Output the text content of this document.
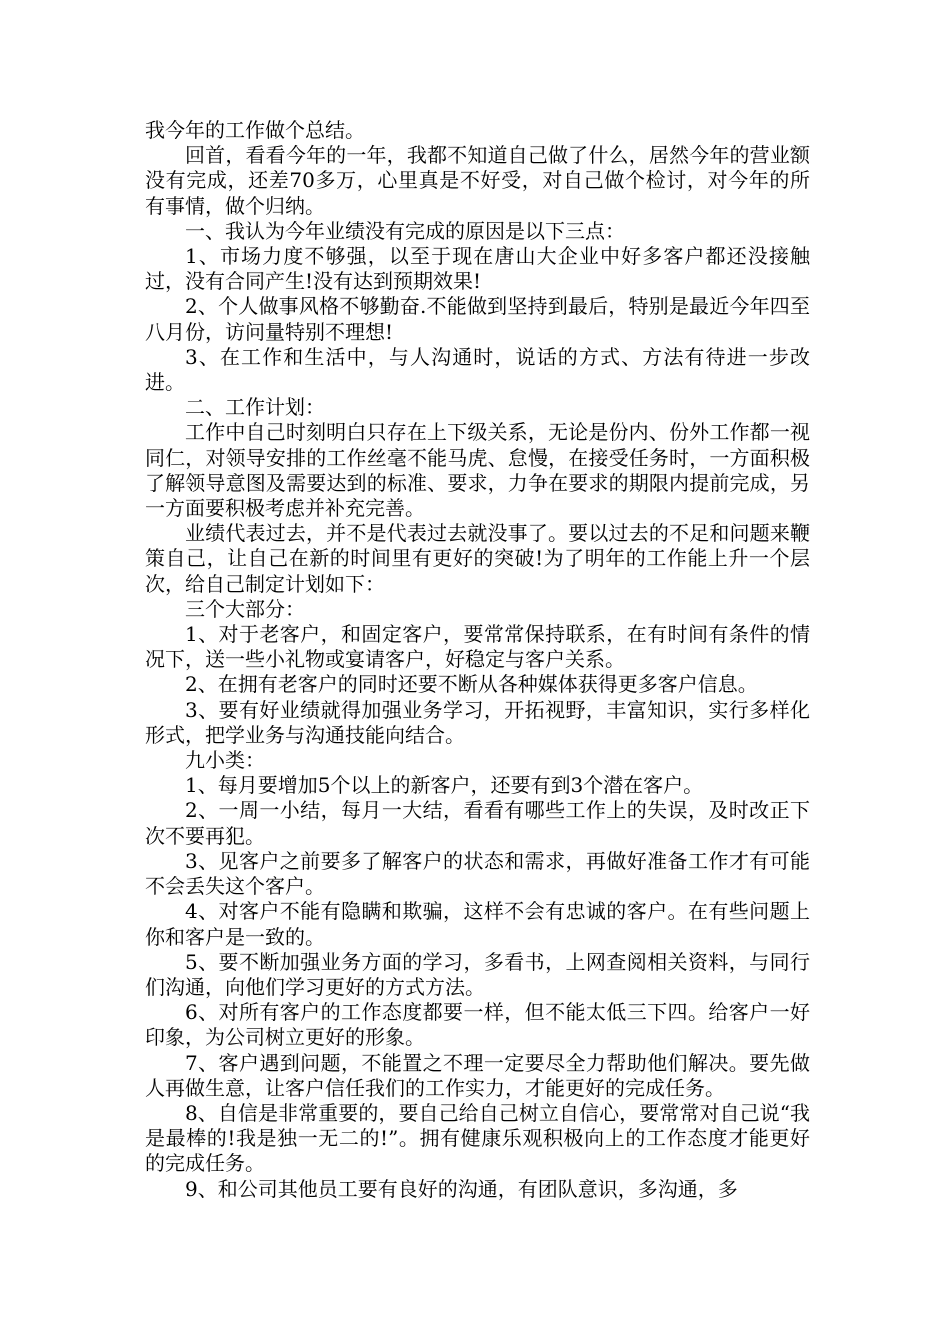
我今年的工作做个总结。

回首，看看今年的一年，我都不知道自己做了什么，居然今年的营业额没有完成，还差70多万，心里真是不好受，对自己做个检讨，对今年的所有事情，做个归纳。

一、我认为今年业绩没有完成的原因是以下三点：

1、市场力度不够强，以至于现在唐山大企业中好多客户都还没接触过，没有合同产生!没有达到预期效果!

2、个人做事风格不够勤奋.不能做到坚持到最后，特别是最近今年四至八月份，访问量特别不理想!

3、在工作和生活中，与人沟通时，说话的方式、方法有待进一步改进。

二、工作计划：

工作中自己时刻明白只存在上下级关系，无论是份内、份外工作都一视同仁，对领导安排的工作丝毫不能马虎、怠慢，在接受任务时，一方面积极了解领导意图及需要达到的标准、要求，力争在要求的期限内提前完成，另一方面要积极考虑并补充完善。

业绩代表过去，并不是代表过去就没事了。要以过去的不足和问题来鞭策自己，让自己在新的时间里有更好的突破!为了明年的工作能上升一个层次，给自己制定计划如下：

三个大部分：

1、对于老客户，和固定客户，要常常保持联系，在有时间有条件的情况下，送一些小礼物或宴请客户，好稳定与客户关系。

2、在拥有老客户的同时还要不断从各种媒体获得更多客户信息。

3、要有好业绩就得加强业务学习，开拓视野，丰富知识，实行多样化形式，把学业务与沟通技能向结合。

九小类：

1、每月要增加5个以上的新客户，还要有到3个潜在客户。

2、一周一小结，每月一大结，看看有哪些工作上的失误，及时改正下次不要再犯。

3、见客户之前要多了解客户的状态和需求，再做好准备工作才有可能不会丢失这个客户。

4、对客户不能有隐瞒和欺骗，这样不会有忠诚的客户。在有些问题上你和客户是一致的。

5、要不断加强业务方面的学习，多看书，上网查阅相关资料，与同行们沟通，向他们学习更好的方式方法。

6、对所有客户的工作态度都要一样，但不能太低三下四。给客户一好印象，为公司树立更好的形象。

7、客户遇到问题，不能置之不理一定要尽全力帮助他们解决。要先做人再做生意，让客户信任我们的工作实力，才能更好的完成任务。

8、自信是非常重要的，要自己给自己树立自信心，要常常对自己说“我是最棒的!我是独一无二的!”。拥有健康乐观积极向上的工作态度才能更好的完成任务。

9、和公司其他员工要有良好的沟通，有团队意识，多沟通，多
